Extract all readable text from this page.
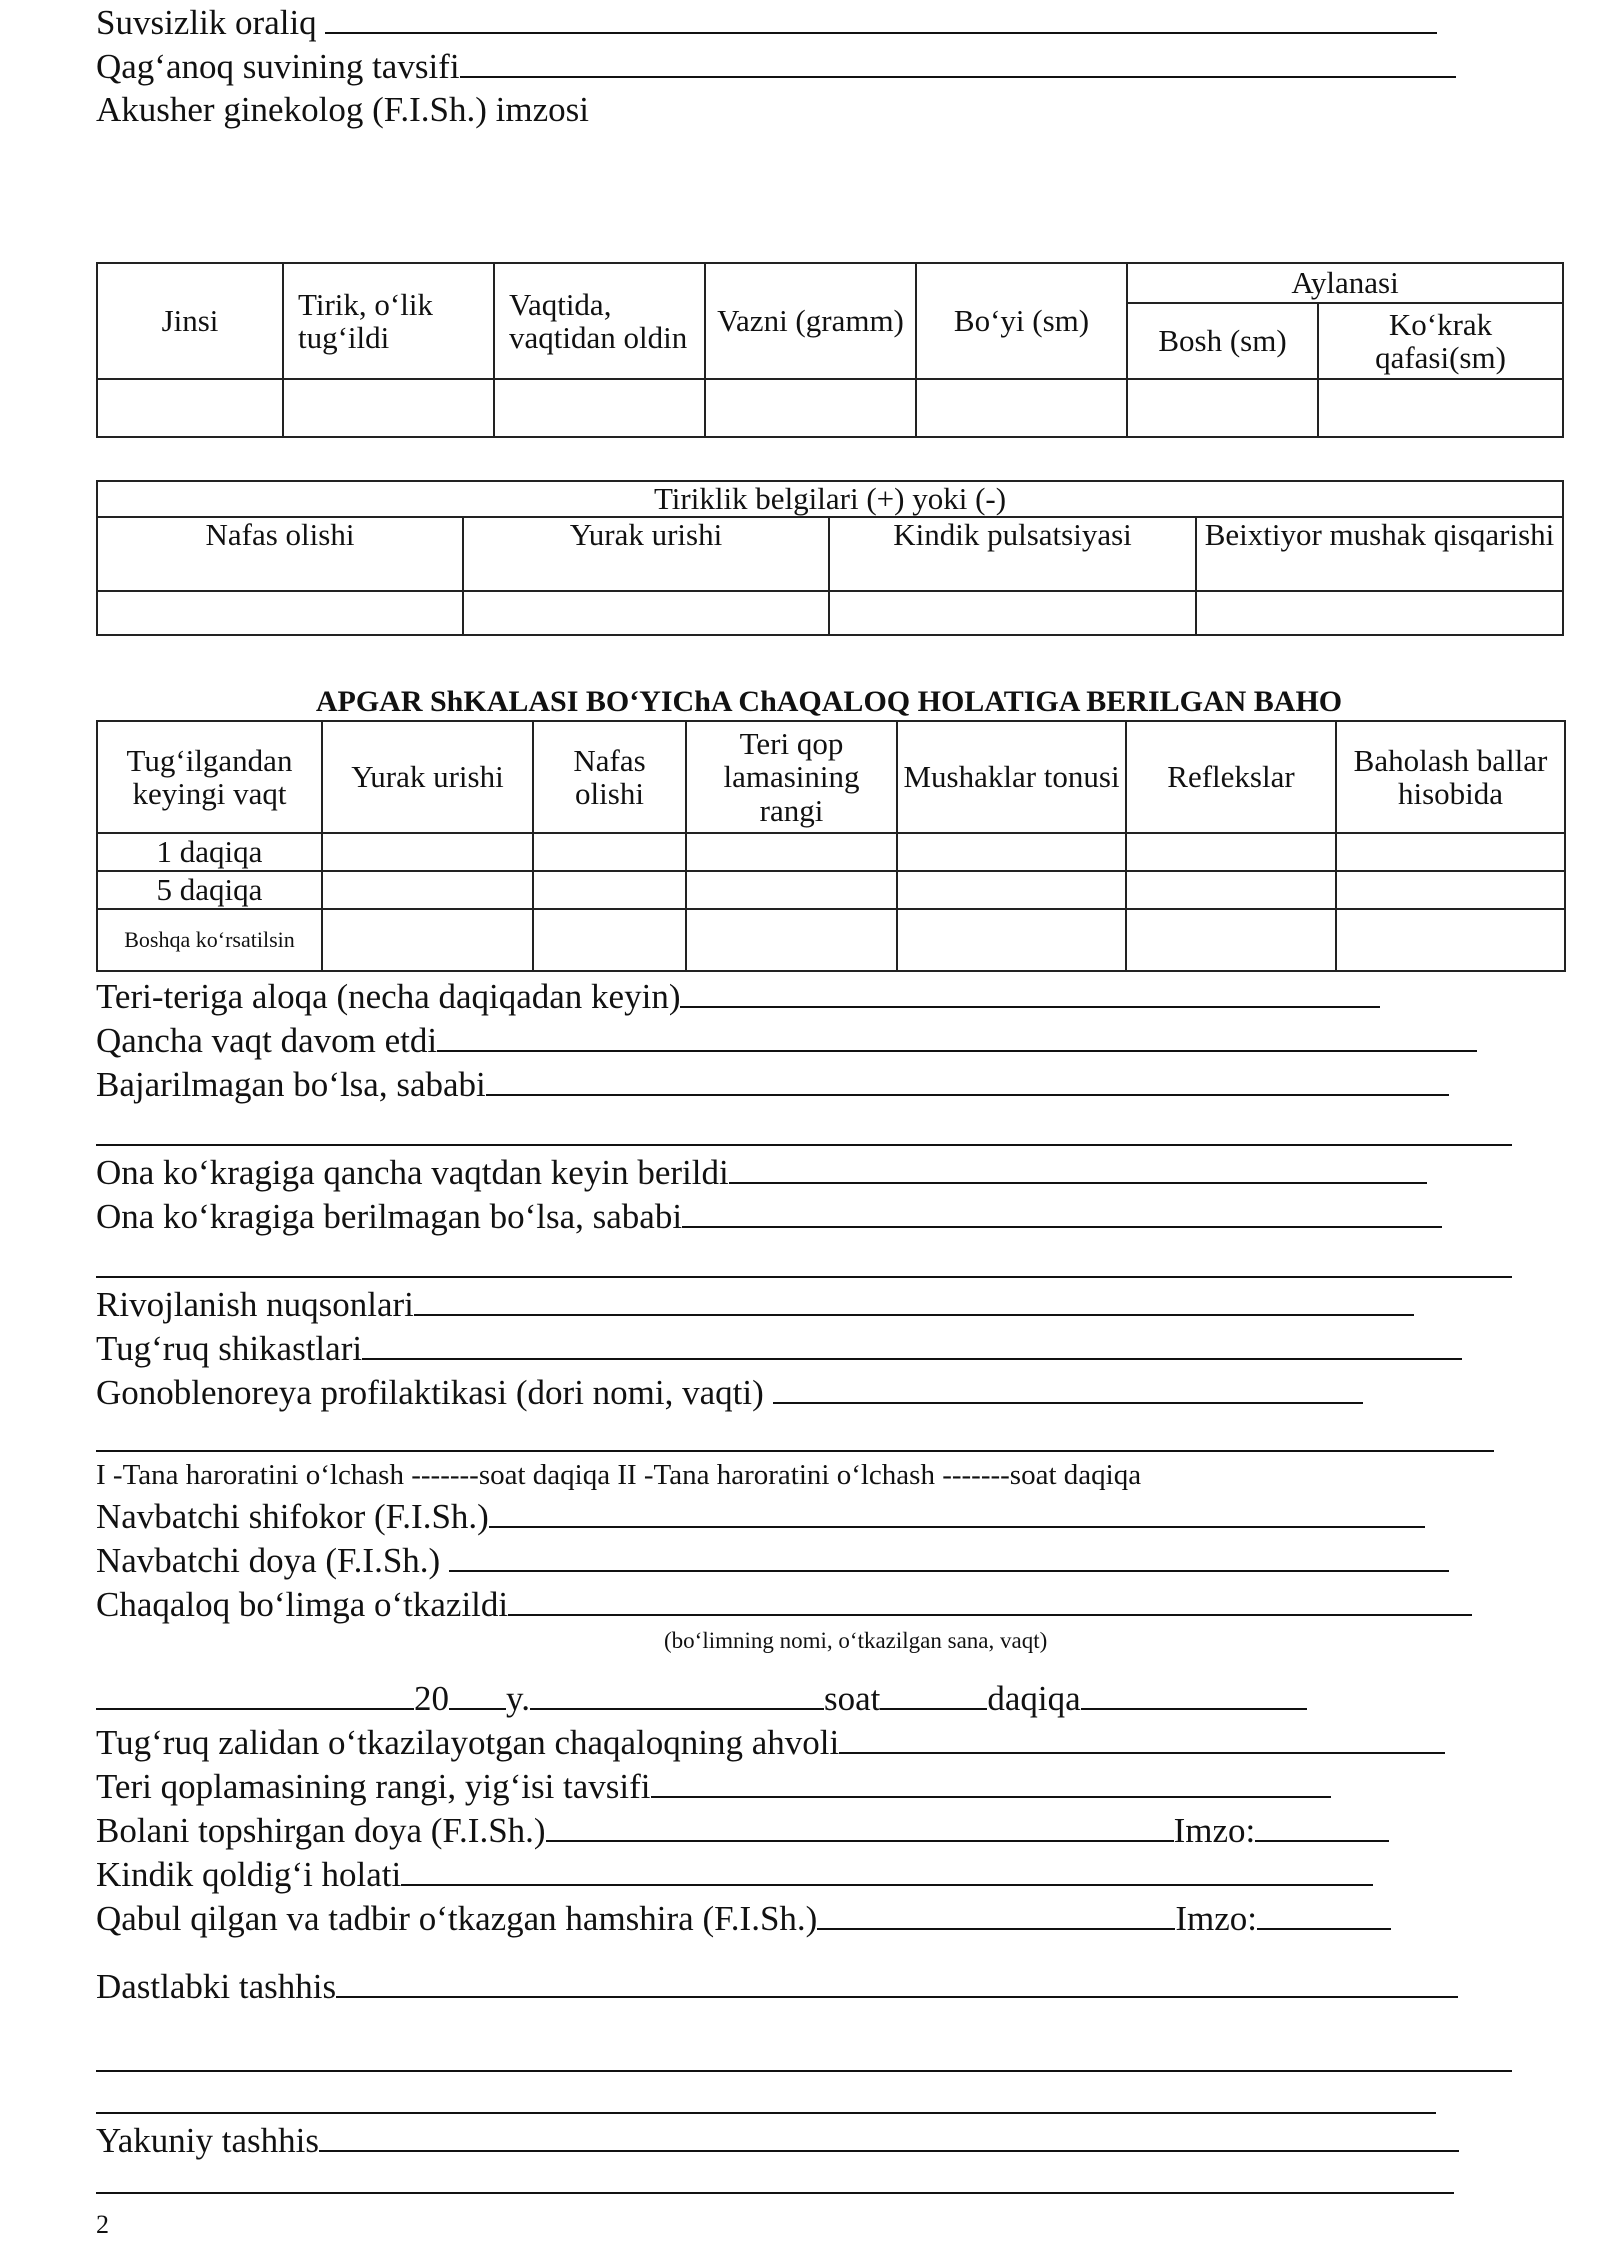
Suvsizlik oraliq
Qag‘anoq suvining tavsifi
Akusher ginekolog (F.I.Sh.) imzosi
Jinsi	Tirik, o‘lik tug‘ildi	Vaqtida, vaqtidan oldin	Vazni (gramm)	Bo‘yi (sm)	Aylanasi	
					Bosh (sm)	Ko‘krak qafasi(sm)

Tiriklik belgilari (+) yoki (-)			
Nafas olishi	Yurak urishi	Kindik pulsatsiyasi	Beixtiyor mushak qisqarishi

APGAR ShKALASI BO‘YIChA ChAQALOQ HOLATIGA BERILGAN BAHO
Tug‘ilgandan keyingi vaqt	Yurak urishi	Nafas olishi	Teri qop lamasining rangi	Mushaklar tonusi	Reflekslar	Baholash ballar hisobida
1 daqiqa						
5 daqiqa						
Boshqa ko‘rsatilsin						
Teri-teriga aloqa (necha daqiqadan keyin)
Qancha vaqt davom etdi
Bajarilmagan bo‘lsa, sababi
Ona ko‘kragiga qancha vaqtdan keyin berildi
Ona ko‘kragiga berilmagan bo‘lsa, sababi
Rivojlanish nuqsonlari
Tug‘ruq shikastlari
Gonoblenoreya profilaktikasi (dori nomi, vaqti)
I -Tana haroratini o‘lchash -------soat daqiqa II -Tana haroratini o‘lchash -------soat daqiqa
Navbatchi shifokor (F.I.Sh.)
Navbatchi doya (F.I.Sh.)
Chaqaloq bo‘limga o‘tkazildi
(bo‘limning nomi, o‘tkazilgan sana, vaqt)
20 y.	soat	daqiqa
Tug‘ruq zalidan o‘tkazilayotgan chaqaloqning ahvoli
Teri qoplamasining rangi, yig‘isi tavsifi
Bolani topshirgan doya (F.I.Sh.)	Imzo:
Kindik qoldig‘i holati
Qabul qilgan va tadbir o‘tkazgan hamshira (F.I.Sh.)	Imzo:
Dastlabki tashhis
Yakuniy tashhis
2
